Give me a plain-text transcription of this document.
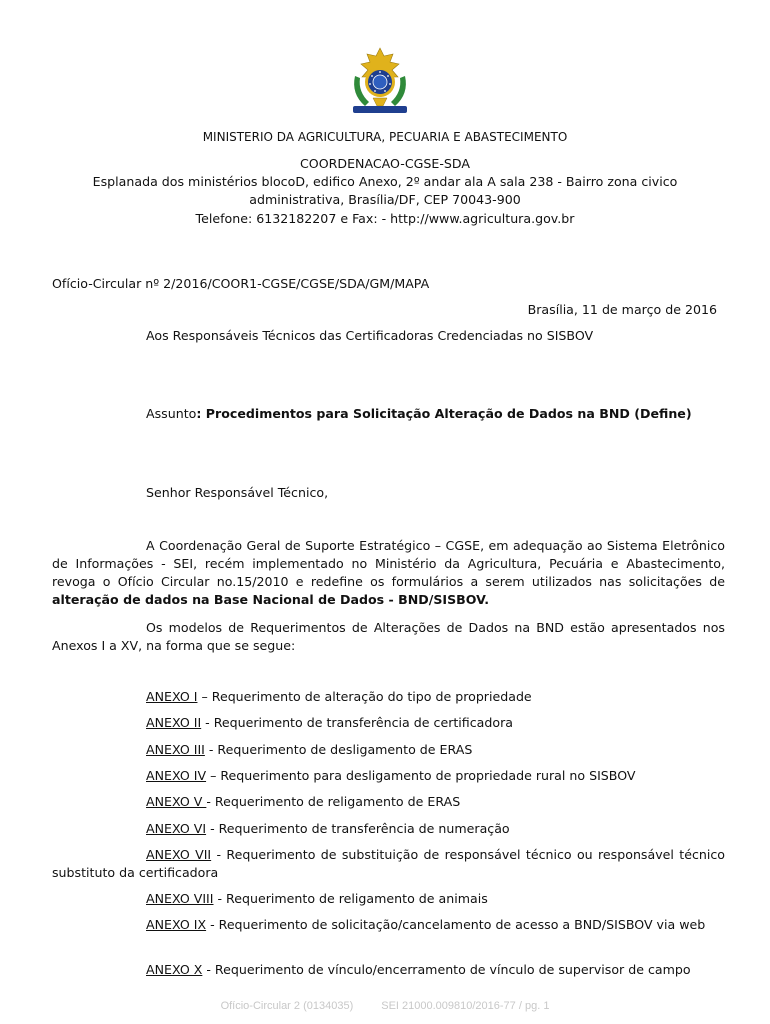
MINISTERIO DA AGRICULTURA, PECUARIA E ABASTECIMENTO
COORDENACAO-CGSE-SDA
Esplanada dos ministérios blocoD, edifico Anexo, 2º andar ala A sala 238 - Bairro zona civico
administrativa, Brasília/DF, CEP 70043-900
Telefone: 6132182207 e Fax: - http://www.agricultura.gov.br
Ofício-Circular nº 2/2016/COOR1-CGSE/CGSE/SDA/GM/MAPA
Brasília, 11 de março de 2016
Aos Responsáveis Técnicos das Certificadoras Credenciadas no SISBOV
Assunto: Procedimentos para Solicitação Alteração de Dados na BND (Define)
Senhor Responsável Técnico,
A Coordenação Geral de Suporte Estratégico – CGSE, em adequação ao Sistema Eletrônico de Informações - SEI, recém implementado no Ministério da Agricultura, Pecuária e Abastecimento, revoga o Ofício Circular no.15/2010 e redefine os formulários a serem utilizados nas solicitações de alteração de dados na Base Nacional de Dados - BND/SISBOV.
Os modelos de Requerimentos de Alterações de Dados na BND estão apresentados nos Anexos I a XV, na forma que se segue:
ANEXO I – Requerimento de alteração do tipo de propriedade
ANEXO II - Requerimento de transferência de certificadora
ANEXO III - Requerimento de desligamento de ERAS
ANEXO IV – Requerimento para desligamento de propriedade rural no SISBOV
ANEXO V - Requerimento de religamento de ERAS
ANEXO VI - Requerimento de transferência de numeração
ANEXO VII - Requerimento de substituição de responsável técnico ou responsável técnico substituto da certificadora
ANEXO VIII - Requerimento de religamento de animais
ANEXO IX - Requerimento de solicitação/cancelamento de acesso a BND/SISBOV via web
ANEXO X - Requerimento de vínculo/encerramento de vínculo de supervisor de campo
Ofício-Circular 2 (0134035)	SEI 21000.009810/2016-77 / pg. 1
